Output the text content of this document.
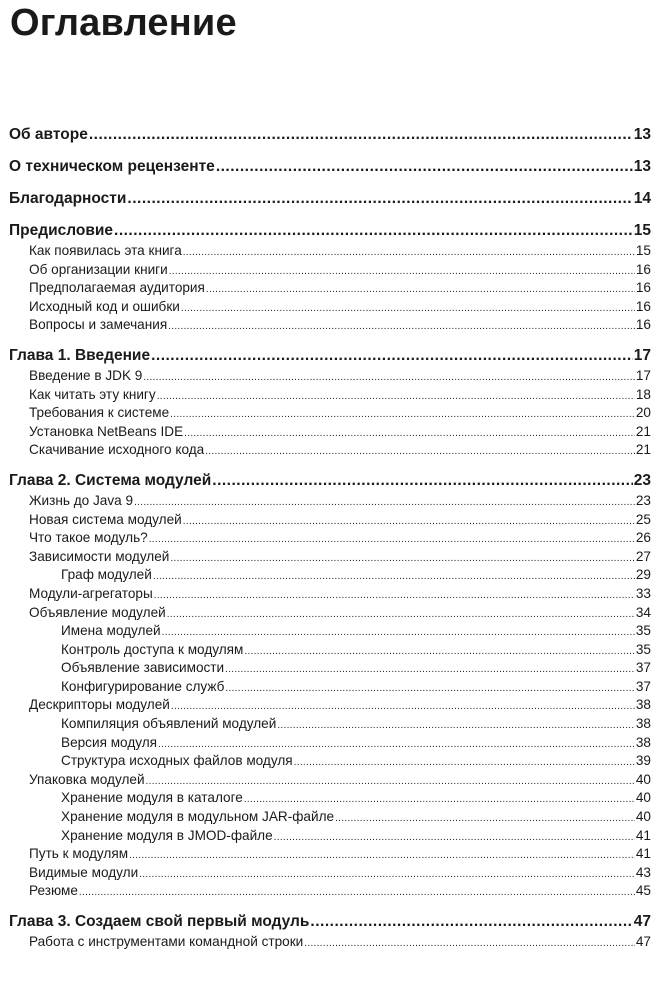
Оглавление
Об авторе .....	13
О техническом рецензенте .....	13
Благодарности .....	14
Предисловие .....	15
Как появилась эта книга .....	15
Об организации книги .....	16
Предполагаемая аудитория .....	16
Исходный код и ошибки .....	16
Вопросы и замечания .....	16
Глава 1. Введение .....	17
Введение в JDK 9 .....	17
Как читать эту книгу .....	18
Требования к системе .....	20
Установка NetBeans IDE .....	21
Скачивание исходного кода .....	21
Глава 2. Система модулей .....	23
Жизнь до Java 9 .....	23
Новая система модулей .....	25
Что такое модуль? .....	26
Зависимости модулей .....	27
Граф модулей .....	29
Модули-агрегаторы .....	33
Объявление модулей .....	34
Имена модулей .....	35
Контроль доступа к модулям .....	35
Объявление зависимости .....	37
Конфигурирование служб .....	37
Дескрипторы модулей .....	38
Компиляция объявлений модулей .....	38
Версия модуля .....	38
Структура исходных файлов модуля .....	39
Упаковка модулей .....	40
Хранение модуля в каталоге .....	40
Хранение модуля в модульном JAR-файле .....	40
Хранение модуля в JMOD-файле .....	41
Путь к модулям .....	41
Видимые модули .....	43
Резюме .....	45
Глава 3. Создаем свой первый модуль .....	47
Работа с инструментами командной строки .....	47
